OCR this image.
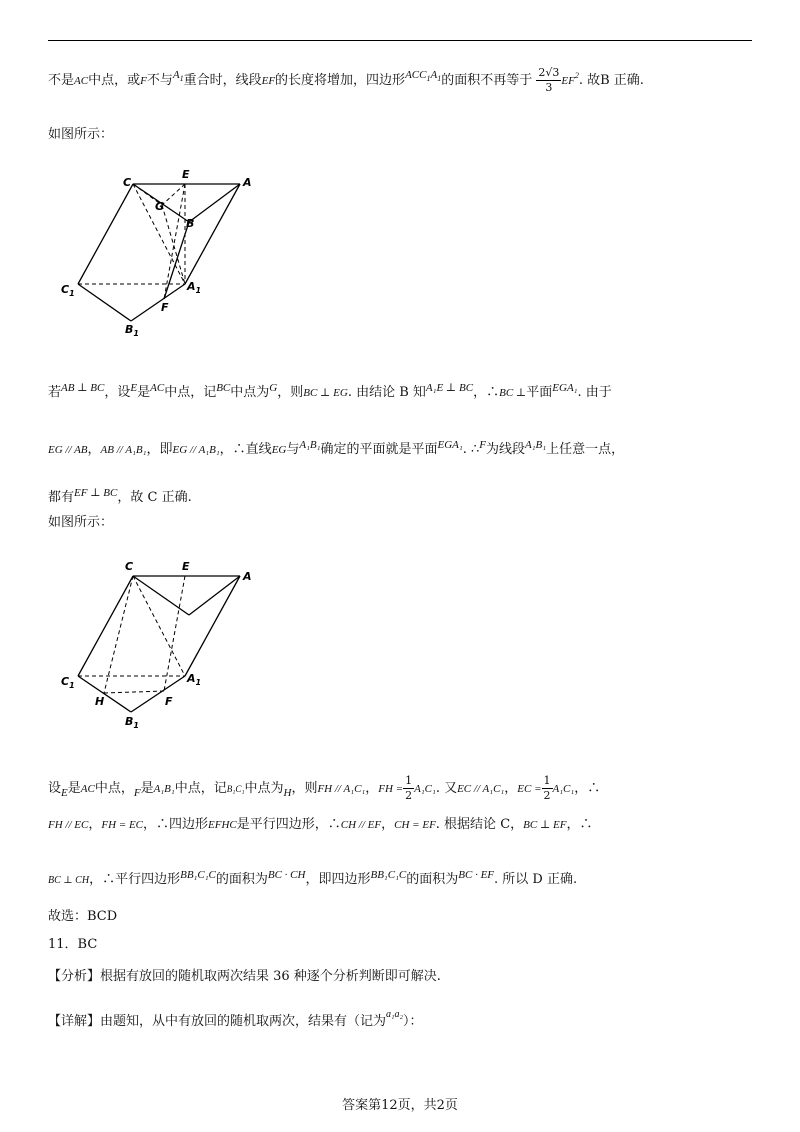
不是AC中点，或F不与$^{A_1}$重合时，线段EF的长度将增加，四边形$^{ACC_1A_1}$的面积不再等于 $\frac{2√3}{3} EF^2$. 故B 正确.
如图所示：
C
E
A
G
B
$C_1$
$A_1$
F
$B_1$
若$^{AB \perp BC}$，设$^E$是$^{AC}$中点，记$^{BC}$中点为$^G$，则BC ⊥ EG. 由结论 B 知$^{A_1E \perp BC}$，∴BC ⊥平面$^{EGA_1}$. 由于
EG // AB，AB // A₁B₁，即EG // A₁B₁，∴直线EG与$^{A_1B_1}$确定的平面就是平面$^{EGA_1}$. ∴$^F$为线段$^{A_1B_1}$上任意一点，
都有$^{EF \perp BC}$，故 C 正确.
如图所示：
C	E
A
$C_1$
$A_1$
H	F
$B_1$
设$_E$是AC中点，$_F$是A₁B₁中点，记B₁C₁中点为$_H$，则FH // A₁C₁，FH = $\frac{1}{2} A_1C_1$. 又EC // A₁C₁，EC = $\frac{1}{2} A_1C_1$，∴
FH // EC，FH = EC，∴四边形EFHC是平行四边形，∴CH // EF，CH = EF. 根据结论 C，BC ⊥ EF，∴
BC ⊥ CH，∴平行四边形$^{BB_1C_1C}$的面积为$^{BC \cdot CH}$，即四边形$^{BB_1C_1C}$的面积为$^{BC \cdot EF}$. 所以 D 正确.
故选：BCD
11．BC
【分析】根据有放回的随机取两次结果 36 种逐个分析判断即可解决.
【详解】由题知，从中有放回的随机取两次，结果有（记为$^{a_1a_2}$）：
答案第12页，共2页
